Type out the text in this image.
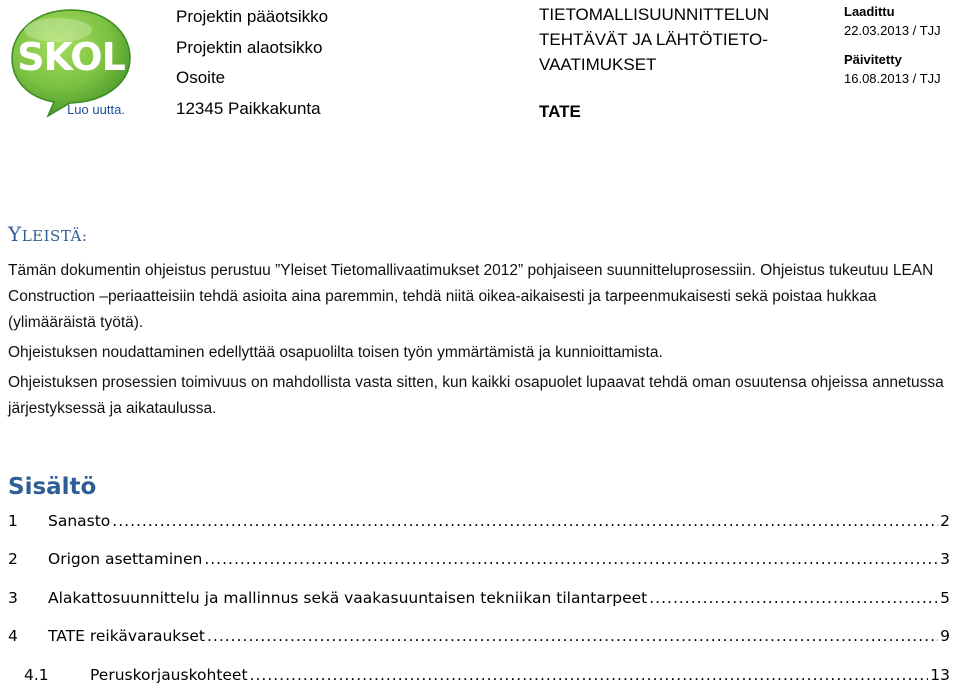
SKOL
Luo uutta.
Projektin pääotsikko
Projektin alaotsikko
Osoite
12345 Paikkakunta
TIETOMALLISUUNNITTELUN
TEHTÄVÄT JA LÄHTÖTIETO-
VAATIMUKSET
TATE
Laadittu
22.03.2013 / TJJ
Päivitetty
16.08.2013 / TJJ
YLEISTÄ:

Tämän dokumentin ohjeistus perustuu ”Yleiset Tietomallivaatimukset 2012” pohjaiseen suunnitteluprosessiin. Ohjeistus tukeutuu LEAN Construction –periaatteisiin tehdä asioita aina paremmin, tehdä niitä oikea-aikaisesti ja tarpeenmukaisesti sekä poistaa hukkaa (ylimääräistä työtä).

Ohjeistuksen noudattaminen edellyttää osapuolilta toisen työn ymmärtämistä ja kunnioittamista.

Ohjeistuksen prosessien toimivuus on mahdollista vasta sitten, kun kaikki osapuolet lupaavat tehdä oman osuutensa ohjeissa annetussa järjestyksessä ja aikataulussa.

Sisältö
1	Sanasto .....	2
2	Origon asettaminen .....	3
3	Alakattosuunnittelu ja mallinnus sekä vaakasuuntaisen tekniikan tilantarpeet .....	5
4	TATE reikävaraukset .....	9
4.1	Peruskorjauskohteet .....	13
